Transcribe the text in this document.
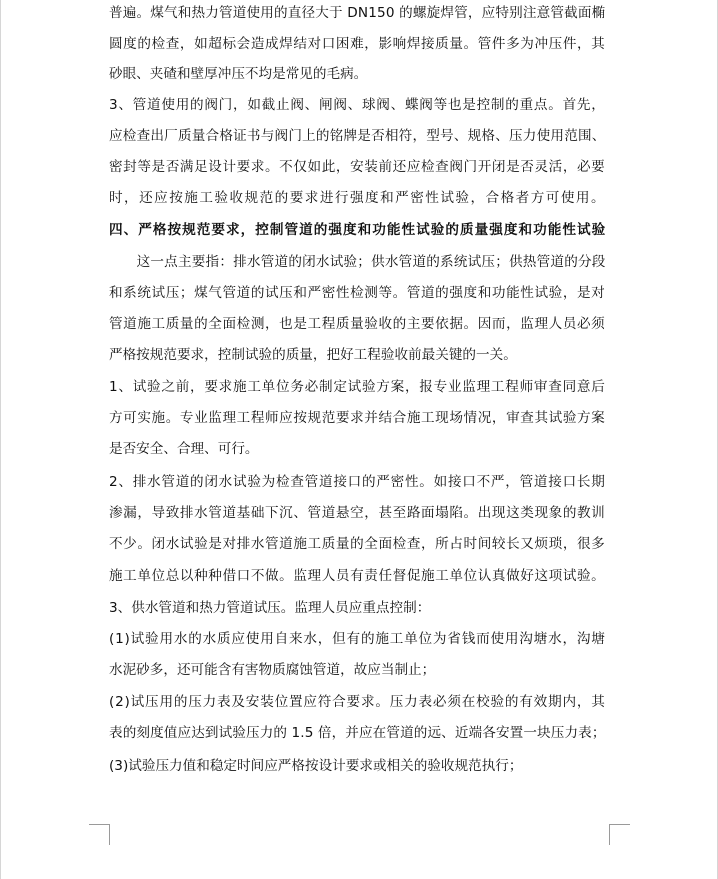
普遍。煤气和热力管道使用的直径大于 DN150 的螺旋焊管，应特别注意管截面椭
圆度的检查，如超标会造成焊结对口困难，影响焊接质量。管件多为冲压件，其
砂眼、夹碴和壁厚冲压不均是常见的毛病。
3、管道使用的阀门，如截止阀、闸阀、球阀、蝶阀等也是控制的重点。首先，
应检查出厂质量合格证书与阀门上的铭牌是否相符，型号、规格、压力使用范围、
密封等是否满足设计要求。不仅如此，安装前还应检查阀门开闭是否灵活，必要
时，还应按施工验收规范的要求进行强度和严密性试验，合格者方可使用。
四、严格按规范要求，控制管道的强度和功能性试验的质量强度和功能性试验
　　这一点主要指：排水管道的闭水试验；供水管道的系统试压；供热管道的分段
和系统试压；煤气管道的试压和严密性检测等。管道的强度和功能性试验，是对
管道施工质量的全面检测，也是工程质量验收的主要依据。因而，监理人员必须
严格按规范要求，控制试验的质量，把好工程验收前最关键的一关。
1、试验之前，要求施工单位务必制定试验方案，报专业监理工程师审查同意后
方可实施。专业监理工程师应按规范要求并结合施工现场情况，审查其试验方案
是否安全、合理、可行。
2、排水管道的闭水试验为检查管道接口的严密性。如接口不严，管道接口长期
渗漏，导致排水管道基础下沉、管道悬空，甚至路面塌陷。出现这类现象的教训
不少。闭水试验是对排水管道施工质量的全面检查，所占时间较长又烦琐，很多
施工单位总以种种借口不做。监理人员有责任督促施工单位认真做好这项试验。
3、供水管道和热力管道试压。监理人员应重点控制：
(1)试验用水的水质应使用自来水，但有的施工单位为省钱而使用沟塘水，沟塘
水泥砂多，还可能含有害物质腐蚀管道，故应当制止；
(2)试压用的压力表及安装位置应符合要求。压力表必须在校验的有效期内，其
表的刻度值应达到试验压力的 1.5 倍，并应在管道的远、近端各安置一块压力表；
(3)试验压力值和稳定时间应严格按设计要求或相关的验收规范执行；
